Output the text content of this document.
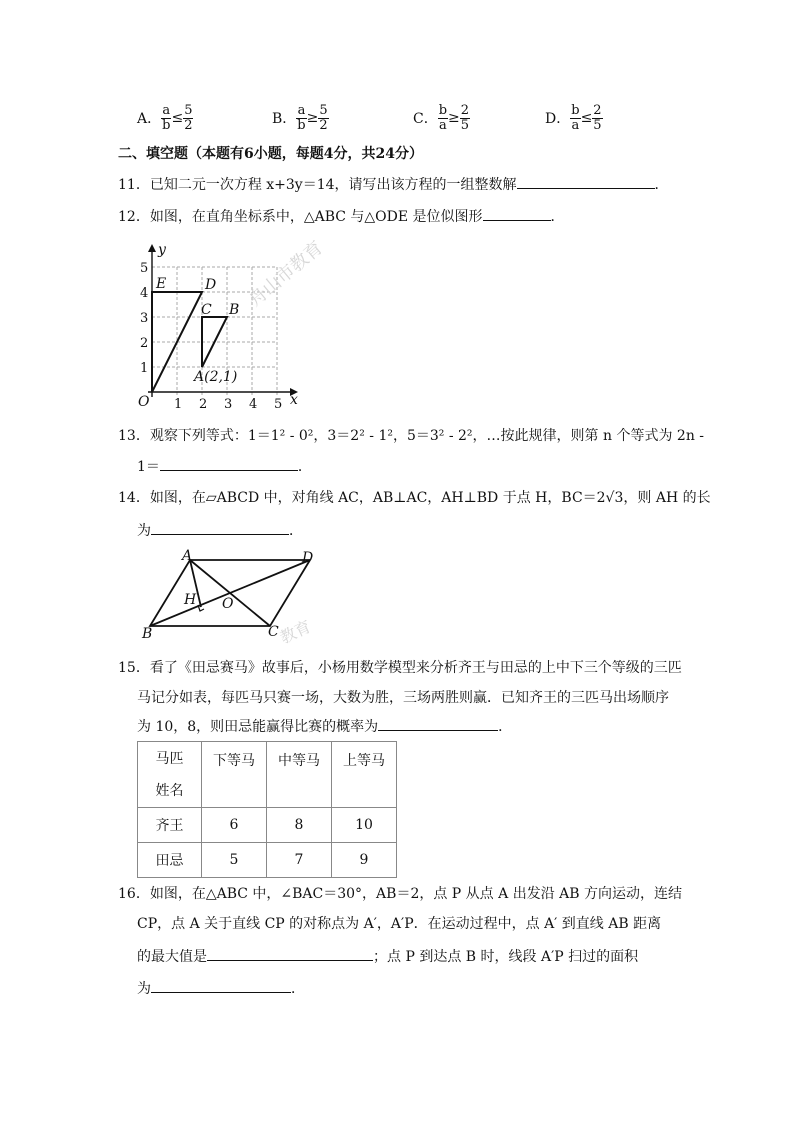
A． $\frac{a}{b} \le \frac{5}{2}$	B． $\frac{a}{b} \ge \frac{5}{2}$	C． $\frac{b}{a} \ge \frac{2}{5}$	D． $\frac{b}{a} \le \frac{2}{5}$
二、填空题（本题有6小题，每题4分，共24分）
11．已知二元一次方程 x+3y＝14，请写出该方程的一组整数解	．
12．如图，在直角坐标系中，△ABC 与△ODE 是位似图形	．
舟山市教育
1 2 3 4 5
1
2
3
4
5
y
x
O
E	D
C B
A(2,1)
13．观察下列等式：1＝1² - 0²，3＝2² - 1²，5＝3² - 2²，…按此规律，则第 n 个等式为 2n -
1＝	．
14．如图，在▱ABCD 中，对角线 AC，AB⊥AC，AH⊥BD 于点 H，BC＝2√3，则 AH 的长
为	．
教育
A	D
H O
B	C
15．看了《田忌赛马》故事后，小杨用数学模型来分析齐王与田忌的上中下三个等级的三匹
马记分如表，每匹马只赛一场，大数为胜，三场两胜则赢．已知齐王的三匹马出场顺序
为 10，8，则田忌能赢得比赛的概率为	．
马匹
姓名	下等马	中等马	上等马
齐王	6	8	10
田忌	5	7	9
16．如图，在△ABC 中，∠BAC＝30°，AB＝2，点 P 从点 A 出发沿 AB 方向运动，连结
CP，点 A 关于直线 CP 的对称点为 A′，A′P．在运动过程中，点 A′ 到直线 AB 距离
的最大值是	；点 P 到达点 B 时，线段 A′P 扫过的面积
为	．
